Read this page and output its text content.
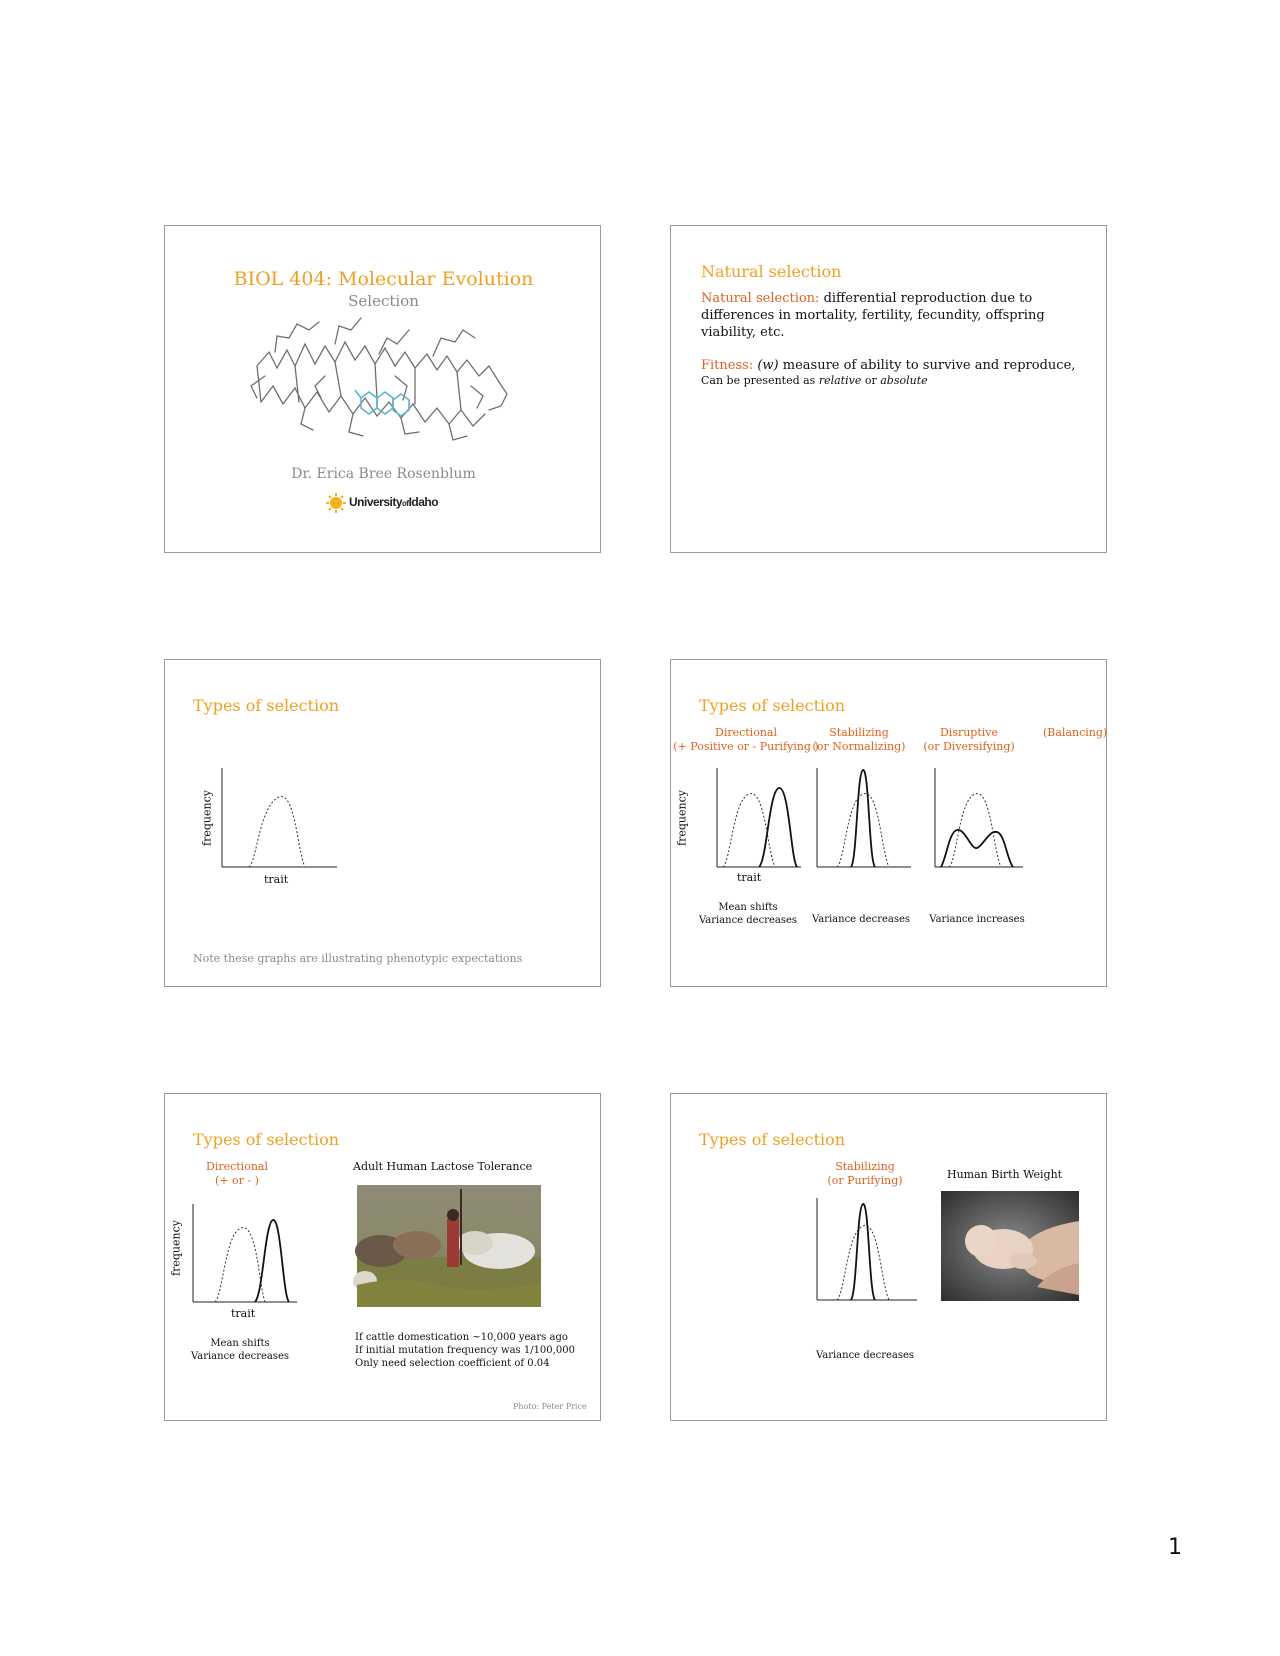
BIOL 404: Molecular Evolution
Selection
Dr. Erica Bree Rosenblum
UniversityofIdaho
Natural selection
Natural selection: differential reproduction due to
differences in mortality, fertility, fecundity, offspring
viability, etc.
Fitness: (w) measure of ability to survive and reproduce,
Can be presented as relative or absolute
Types of selection
frequency
trait
Note these graphs are illustrating phenotypic expectations
Types of selection
Directional
(+ Positive or - Purifying )
Stabilizing
(or Normalizing)
Disruptive
(or Diversifying)
(Balancing)
frequency
trait
Mean shifts
Variance decreases	Variance decreases Variance increases
Types of selection
Directional
(+ or - )
Adult Human Lactose Tolerance
frequency
trait
Mean shifts
Variance decreases
If cattle domestication ~10,000 years ago
If initial mutation frequency was 1/100,000
Only need selection coefficient of 0.04
Photo: Peter Price
Types of selection
Stabilizing
(or Purifying)	Human Birth Weight
Variance decreases
1
